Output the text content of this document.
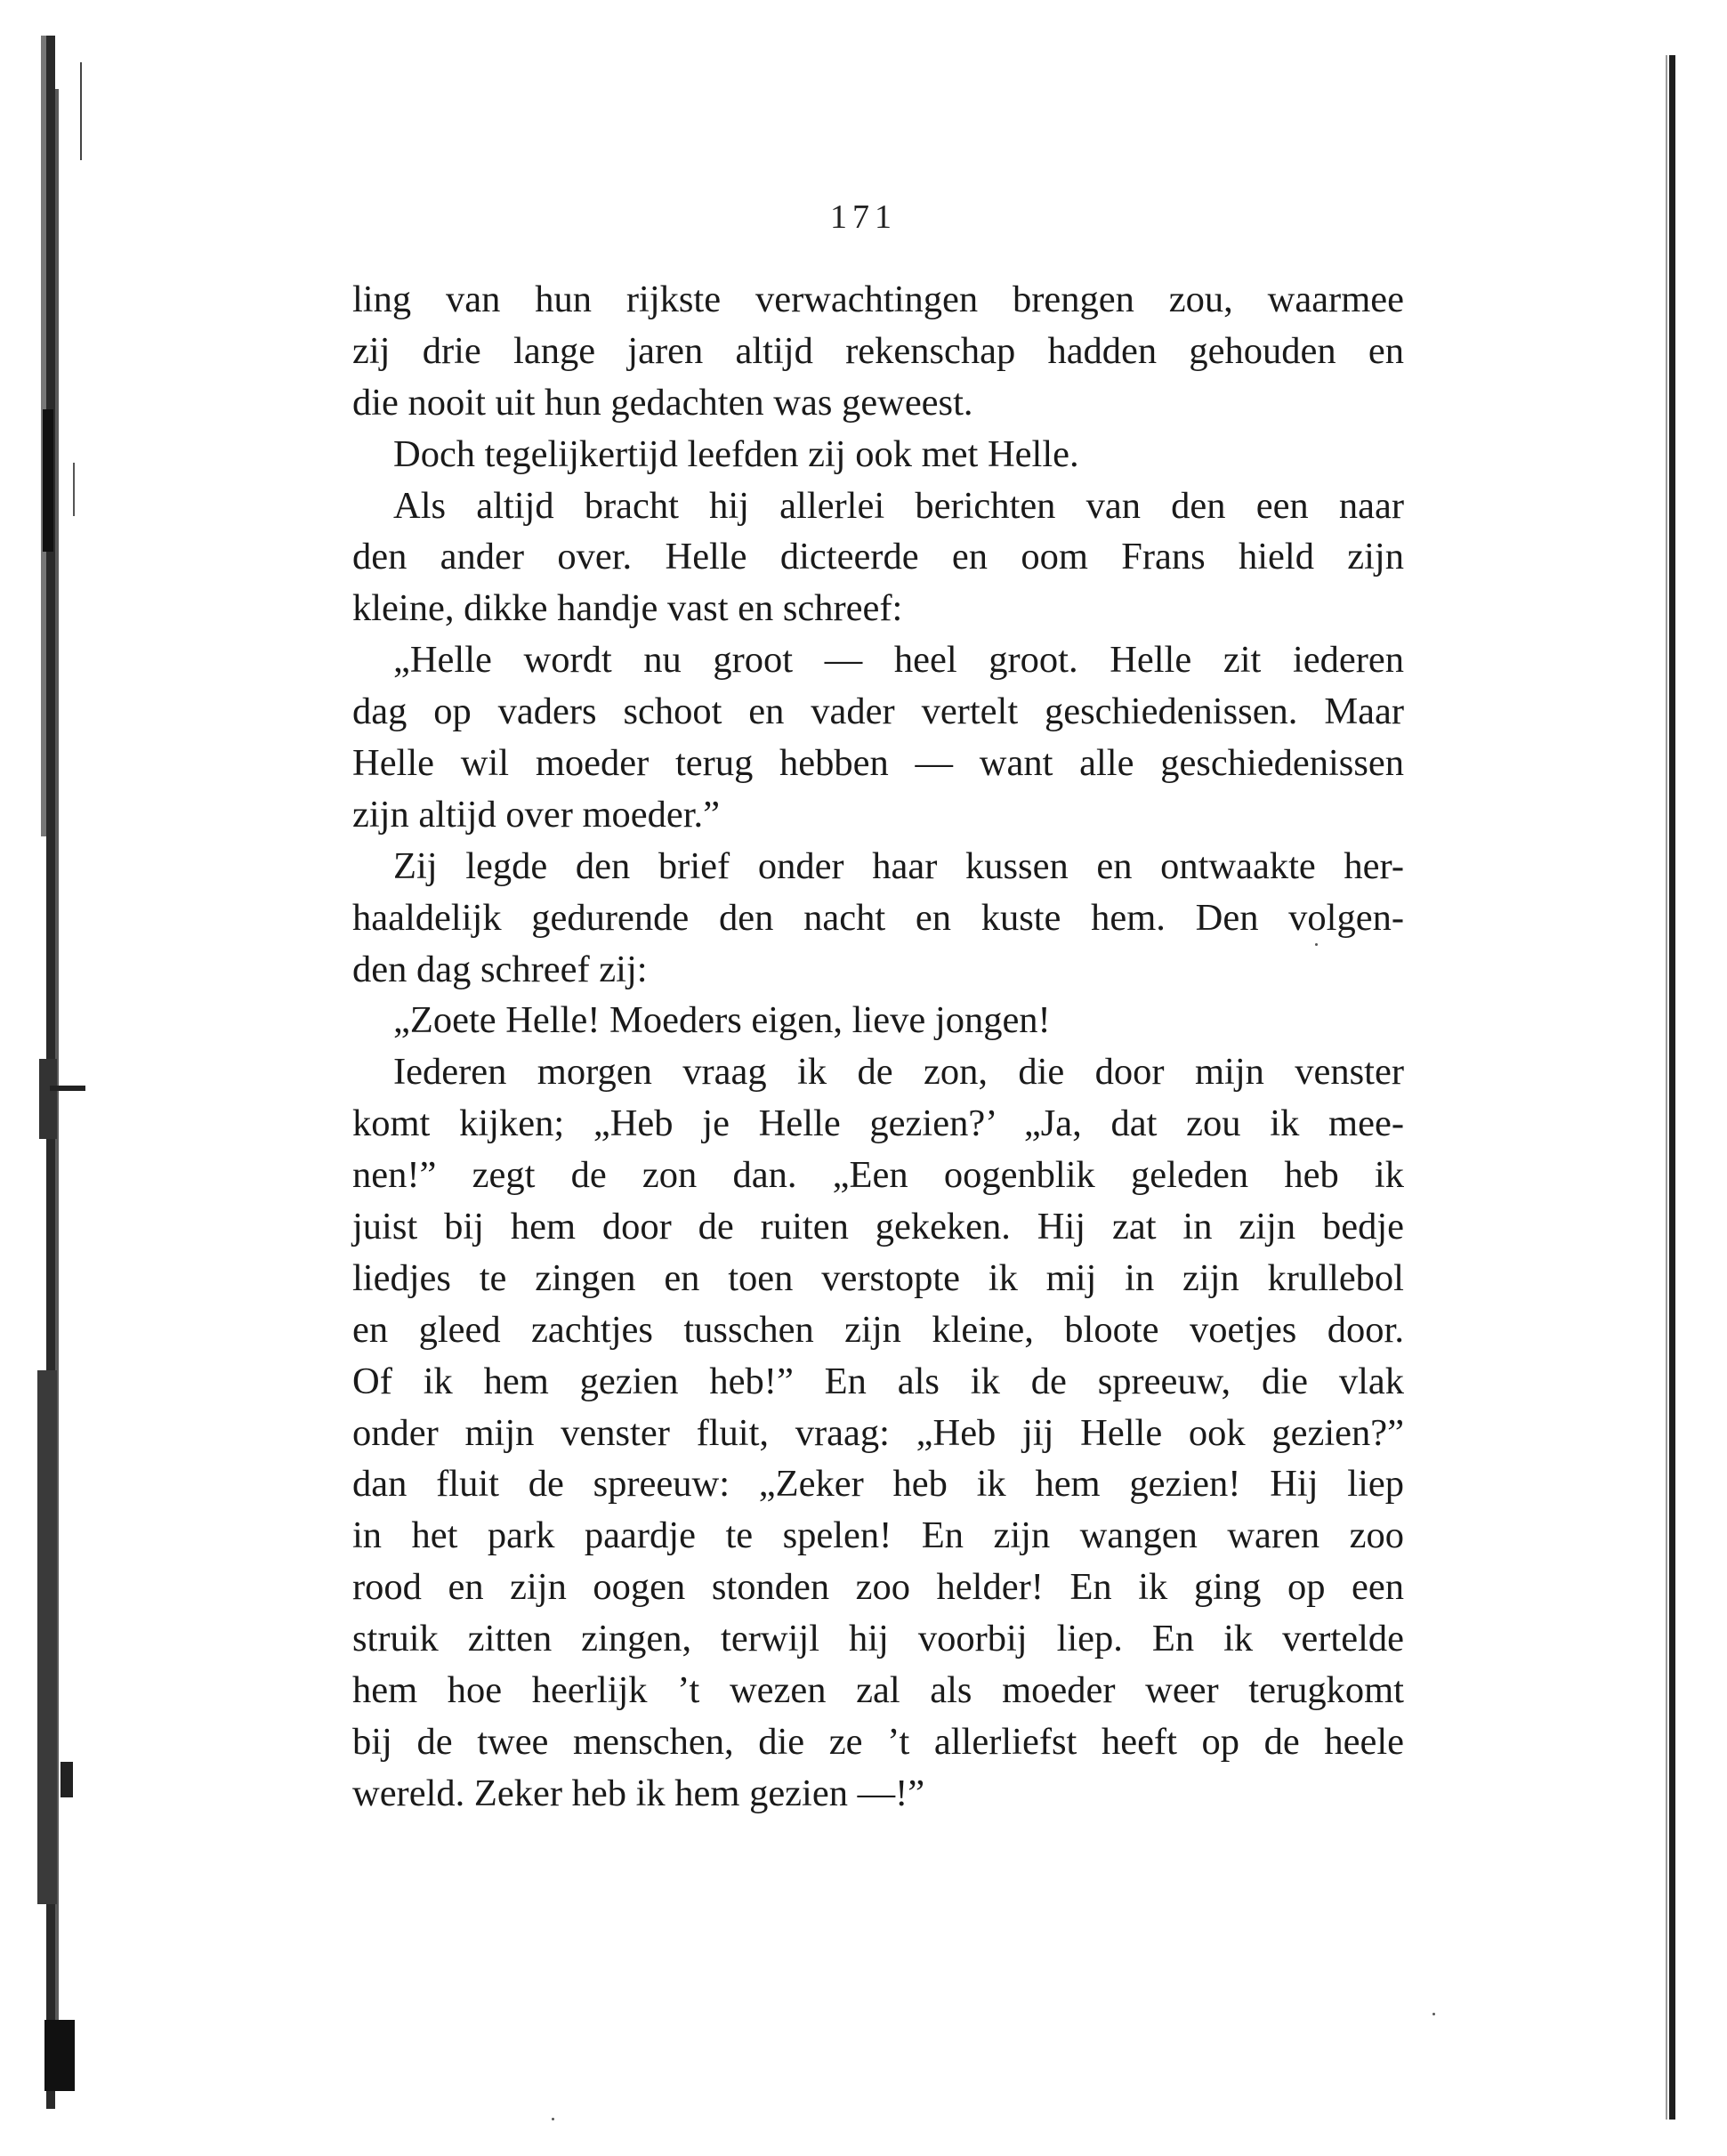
171
ling van hun rijkste verwachtingen brengen zou, waarmee
zij drie lange jaren altijd rekenschap hadden gehouden en
die nooit uit hun gedachten was geweest.
Doch tegelijkertijd leefden zij ook met Helle.
Als altijd bracht hij allerlei berichten van den een naar
den ander over. Helle dicteerde en oom Frans hield zijn
kleine, dikke handje vast en schreef:
„Helle wordt nu groot — heel groot. Helle zit iederen
dag op vaders schoot en vader vertelt geschiedenissen. Maar
Helle wil moeder terug hebben — want alle geschiedenissen
zijn altijd over moeder.”
Zij legde den brief onder haar kussen en ontwaakte her-
haaldelijk gedurende den nacht en kuste hem. Den volgen-
den dag schreef zij:
„Zoete Helle! Moeders eigen, lieve jongen!
Iederen morgen vraag ik de zon, die door mijn venster
komt kijken; „Heb je Helle gezien?’ „Ja, dat zou ik mee-
nen!” zegt de zon dan. „Een oogenblik geleden heb ik
juist bij hem door de ruiten gekeken. Hij zat in zijn bedje
liedjes te zingen en toen verstopte ik mij in zijn krullebol
en gleed zachtjes tusschen zijn kleine, bloote voetjes door.
Of ik hem gezien heb!” En als ik de spreeuw, die vlak
onder mijn venster fluit, vraag: „Heb jij Helle ook gezien?”
dan fluit de spreeuw: „Zeker heb ik hem gezien! Hij liep
in het park paardje te spelen! En zijn wangen waren zoo
rood en zijn oogen stonden zoo helder! En ik ging op een
struik zitten zingen, terwijl hij voorbij liep. En ik vertelde
hem hoe heerlijk ’t wezen zal als moeder weer terugkomt
bij de twee menschen, die ze ’t allerliefst heeft op de heele
wereld. Zeker heb ik hem gezien —!”
